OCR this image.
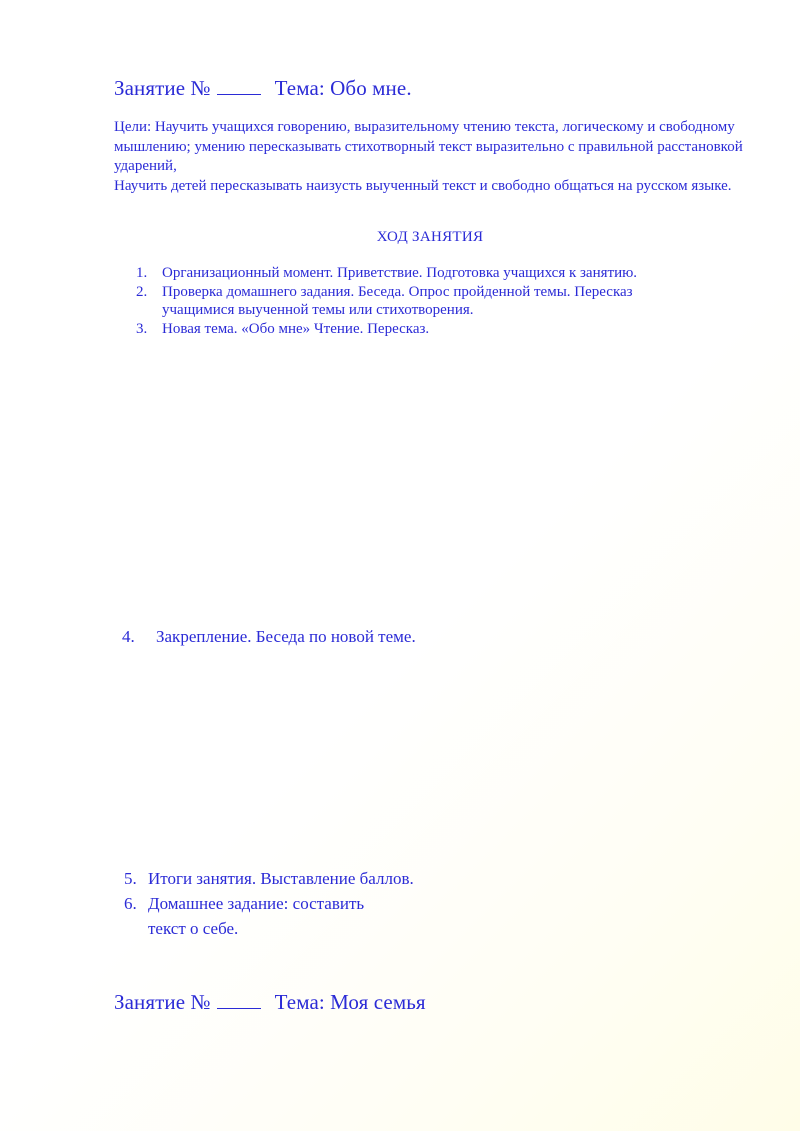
Занятие №	Тема: Обо мне.

Цели: Научить учащихся говорению, выразительному чтению текста, логическому и свободному мышлению; умению пересказывать стихотворный текст выразительно с правильной расстановкой ударений,

Научить детей пересказывать наизусть выученный текст и свободно общаться на русском языке.

ХОД ЗАНЯТИЯ
1. Организационный момент. Приветствие. Подготовка учащихся к занятию.
2. Проверка домашнего задания. Беседа. Опрос пройденной темы. Пересказ
учащимися выученной темы или стихотворения.
3. Новая тема. «Обо мне» Чтение. Пересказ.
4. Закрепление. Беседа по новой теме.
5. Итоги занятия. Выставление баллов.
6. Домашнее задание: составить
текст о себе.
Занятие №	Тема: Моя семья
